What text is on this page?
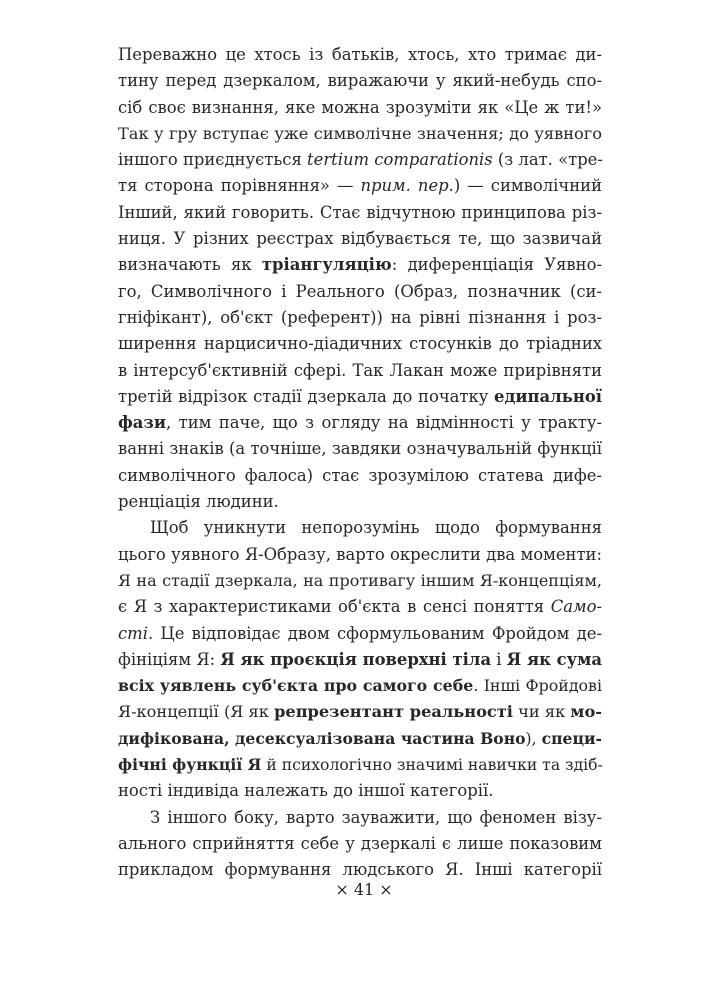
Переважно це хтось із батьків, хтось, хто тримає ди-
тину перед дзеркалом, виражаючи у який-небудь спо-
сіб своє визнання, яке можна зрозуміти як «Це ж ти!»
Так у гру вступає уже символічне значення; до уявного
іншого приєднується tertium comparationis (з лат. «тре-
тя сторона порівняння» — прим. пер.) — символічний
Інший, який говорить. Стає відчутною принципова різ-
ниця. У різних реєстрах відбувається те, що зазвичай
визначають як тріангуляцію: диференціація Уявно-
го, Символічного і Реального (Образ, позначник (си-
гніфікант), об'єкт (референт)) на рівні пізнання і роз-
ширення нарцисично-діадичних стосунків до тріадних
в інтерсуб'єктивній сфері. Так Лакан може прирівняти
третій відрізок стадії дзеркала до початку едипальної
фази, тим паче, що з огляду на відмінності у тракту-
ванні знаків (а точніше, завдяки означувальній функції
символічного фалоса) стає зрозумілою статева дифе-
ренціація людини.
Щоб уникнути непорозумінь щодо формування
цього уявного Я-Образу, варто окреслити два моменти:
Я на стадії дзеркала, на противагу іншим Я-концепціям,
є Я з характеристиками об'єкта в сенсі поняття Само-
сті. Це відповідає двом сформульованим Фройдом де-
фініціям Я: Я як проєкція поверхні тіла і Я як сума
всіх уявлень суб'єкта про самого себе. Інші Фройдові
Я-концепції (Я як репрезентант реальності чи як мо-
дифікована, десексуалізована частина Воно), специ-
фічні функції Я й психологічно значимі навички та здіб-
ності індивіда належать до іншої категорії.
З іншого боку, варто зауважити, що феномен візу-
ального сприйняття себе у дзеркалі є лише показовим
прикладом формування людського Я. Інші категорії
× 41 ×
